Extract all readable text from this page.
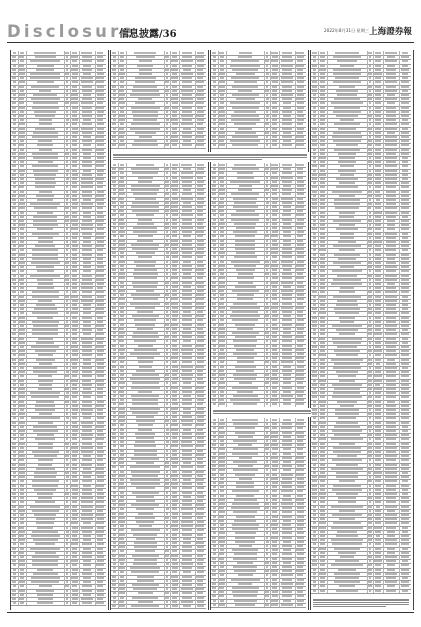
Disclosure
信息披露/36	2022年8月31日 星期三 上海證券報
